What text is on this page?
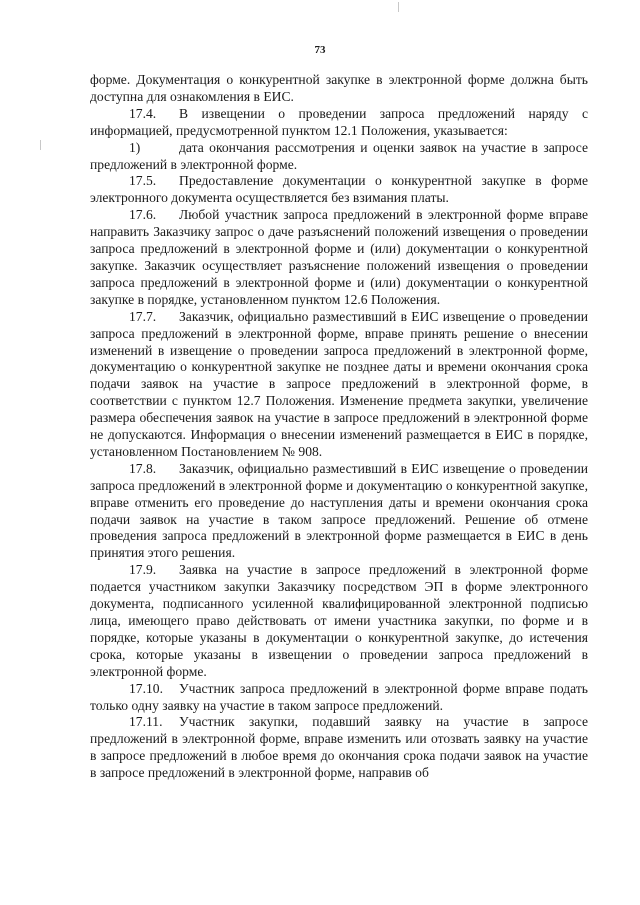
73

форме. Документация о конкурентной закупке в электронной форме должна быть доступна для ознакомления в ЕИС.

17.4. В извещении о проведении запроса предложений наряду с информацией, предусмотренной пунктом 12.1 Положения, указывается:

1)	дата окончания рассмотрения и оценки заявок на участие в запросе предложений в электронной форме.

17.5. Предоставление документации о конкурентной закупке в форме электронного документа осуществляется без взимания платы.

17.6. Любой участник запроса предложений в электронной форме вправе направить Заказчику запрос о даче разъяснений положений извещения о проведении запроса предложений в электронной форме и (или) документации о конкурентной закупке. Заказчик осуществляет разъяснение положений извещения о проведении запроса предложений в электронной форме и (или) документации о конкурентной закупке в порядке, установленном пунктом 12.6 Положения.

17.7. Заказчик, официально разместивший в ЕИС извещение о проведении запроса предложений в электронной форме, вправе принять решение о внесении изменений в извещение о проведении запроса предложений в электронной форме, документацию о конкурентной закупке не позднее даты и времени окончания срока подачи заявок на участие в запросе предложений в электронной форме, в соответствии с пунктом 12.7 Положения. Изменение предмета закупки, увеличение размера обеспечения заявок на участие в запросе предложений в электронной форме не допускаются. Информация о внесении изменений размещается в ЕИС в порядке, установленном Постановлением № 908.

17.8. Заказчик, официально разместивший в ЕИС извещение о проведении запроса предложений в электронной форме и документацию о конкурентной закупке, вправе отменить его проведение до наступления даты и времени окончания срока подачи заявок на участие в таком запросе предложений. Решение об отмене проведения запроса предложений в электронной форме размещается в ЕИС в день принятия этого решения.

17.9. Заявка на участие в запросе предложений в электронной форме подается участником закупки Заказчику посредством ЭП в форме электронного документа, подписанного усиленной квалифицированной электронной подписью лица, имеющего право действовать от имени участника закупки, по форме и в порядке, которые указаны в документации о конкурентной закупке, до истечения срока, которые указаны в извещении о проведении запроса предложений в электронной форме.

17.10. Участник запроса предложений в электронной форме вправе подать только одну заявку на участие в таком запросе предложений.

17.11. Участник закупки, подавший заявку на участие в запросе предложений в электронной форме, вправе изменить или отозвать заявку на участие в запросе предложений в любое время до окончания срока подачи заявок на участие в запросе предложений в электронной форме, направив об
